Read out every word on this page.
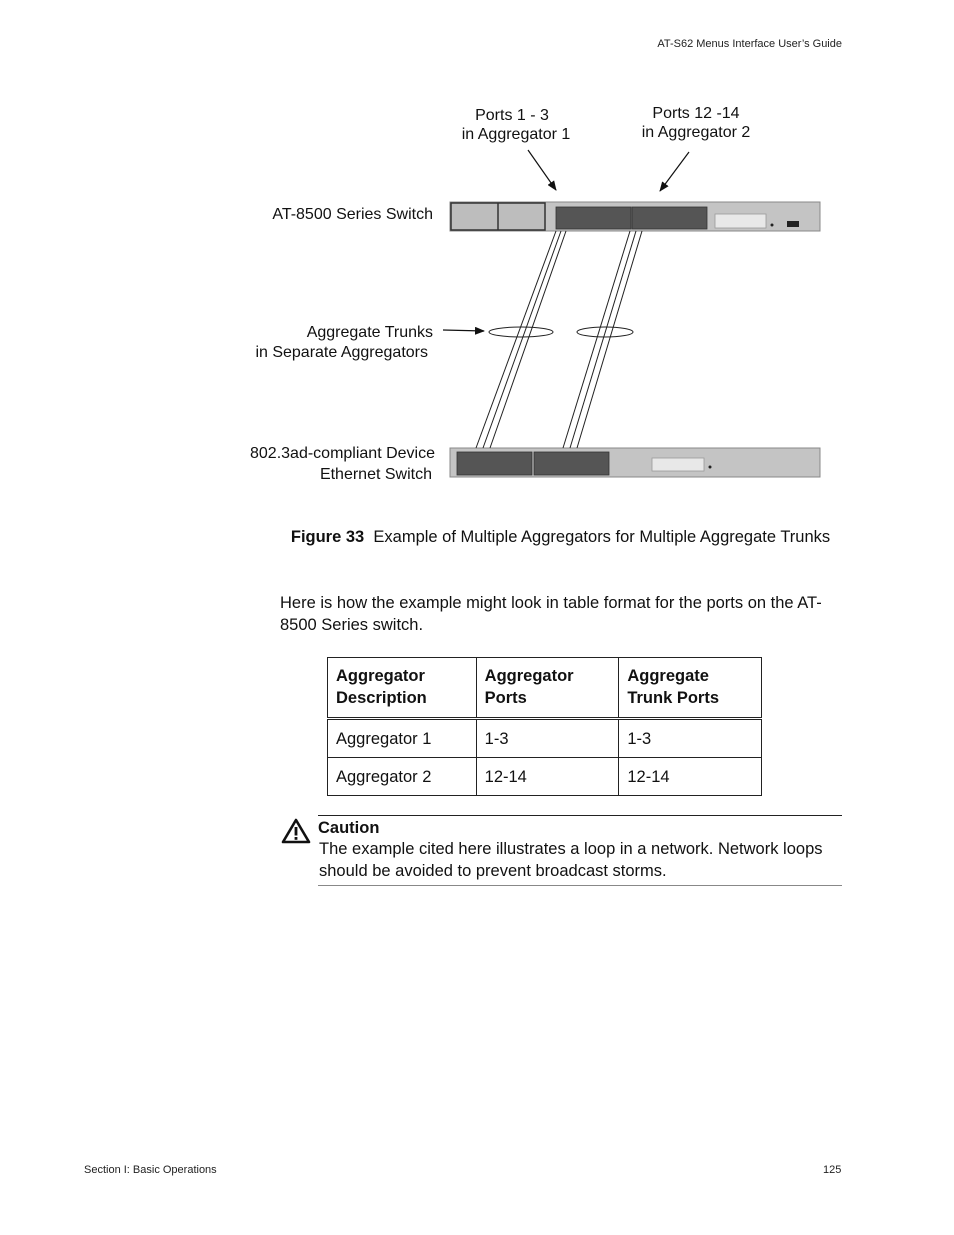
AT-S62 Menus Interface User’s Guide
Ports 1 - 3
in Aggregator 1
Ports 12 -14
in Aggregator 2
AT-8500 Series Switch
Aggregate Trunks
in Separate Aggregators
802.3ad-compliant Device
Ethernet Switch
Figure 33 Example of Multiple Aggregators for Multiple Aggregate Trunks
Here is how the example might look in table format for the ports on the AT-8500 Series switch.
Aggregator Description	Aggregator Ports	Aggregate Trunk Ports
Aggregator 1	1-3	1-3
Aggregator 2	12-14	12-14
Caution
The example cited here illustrates a loop in a network. Network loops should be avoided to prevent broadcast storms.
Section I: Basic Operations	125
